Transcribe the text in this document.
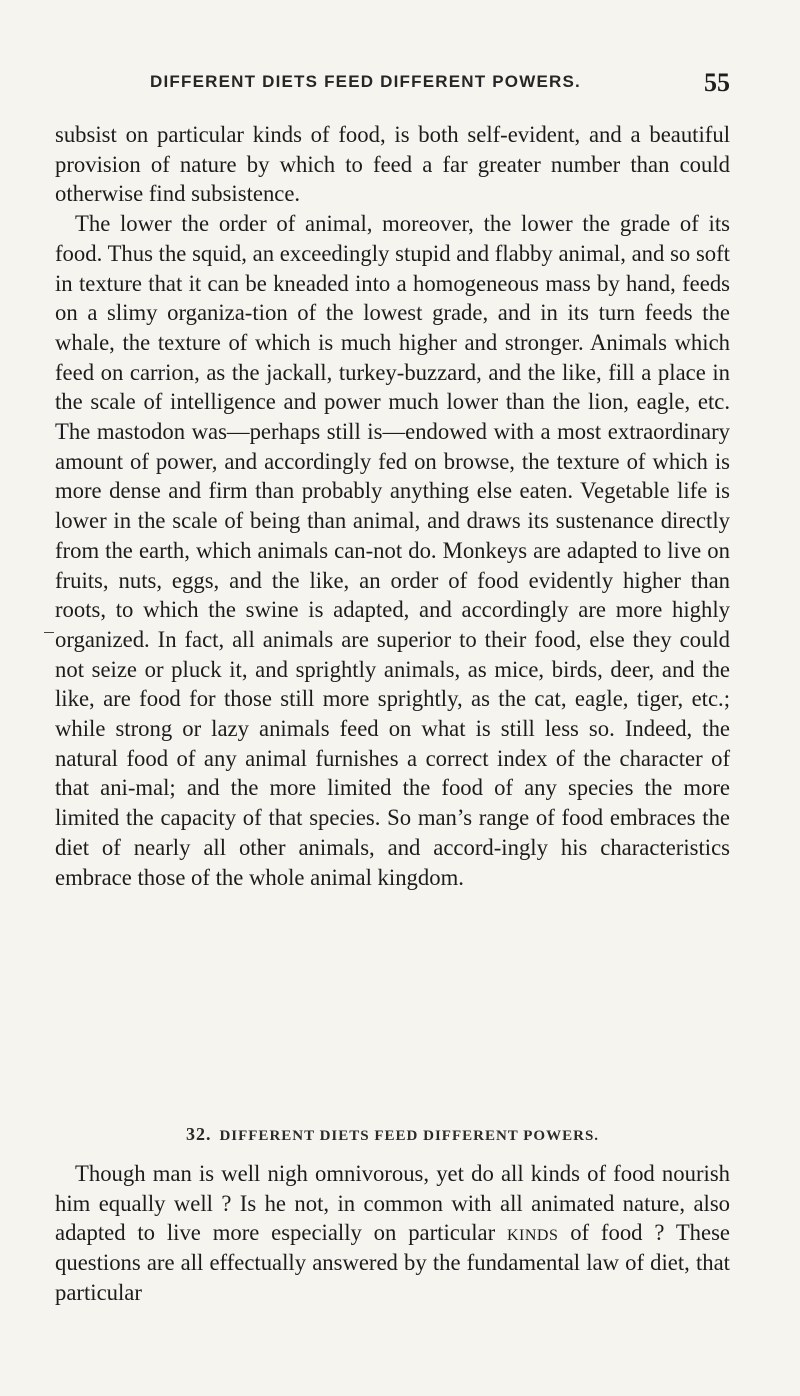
DIFFERENT DIETS FEED DIFFERENT POWERS.	55

subsist on particular kinds of food, is both self-evident, and a beautiful provision of nature by which to feed a far greater number than could otherwise find subsistence.

The lower the order of animal, moreover, the lower the grade of its food. Thus the squid, an exceedingly stupid and flabby animal, and so soft in texture that it can be kneaded into a homogeneous mass by hand, feeds on a slimy organiza-tion of the lowest grade, and in its turn feeds the whale, the texture of which is much higher and stronger. Animals which feed on carrion, as the jackall, turkey-buzzard, and the like, fill a place in the scale of intelligence and power much lower than the lion, eagle, etc. The mastodon was—perhaps still is—endowed with a most extraordinary amount of power, and accordingly fed on browse, the texture of which is more dense and firm than probably anything else eaten. Vegetable life is lower in the scale of being than animal, and draws its sustenance directly from the earth, which animals can-not do. Monkeys are adapted to live on fruits, nuts, eggs, and the like, an order of food evidently higher than roots, to which the swine is adapted, and accordingly are more highly organized. In fact, all animals are superior to their food, else they could not seize or pluck it, and sprightly animals, as mice, birds, deer, and the like, are food for those still more sprightly, as the cat, eagle, tiger, etc.; while strong or lazy animals feed on what is still less so. Indeed, the natural food of any animal furnishes a correct index of the character of that ani-mal; and the more limited the food of any species the more limited the capacity of that species. So man’s range of food embraces the diet of nearly all other animals, and accord-ingly his characteristics embrace those of the whole animal kingdom.

32. DIFFERENT DIETS FEED DIFFERENT POWERS.

Though man is well nigh omnivorous, yet do all kinds of food nourish him equally well ? Is he not, in common with all animated nature, also adapted to live more especially on particular kinds of food ? These questions are all effectually answered by the fundamental law of diet, that particular
